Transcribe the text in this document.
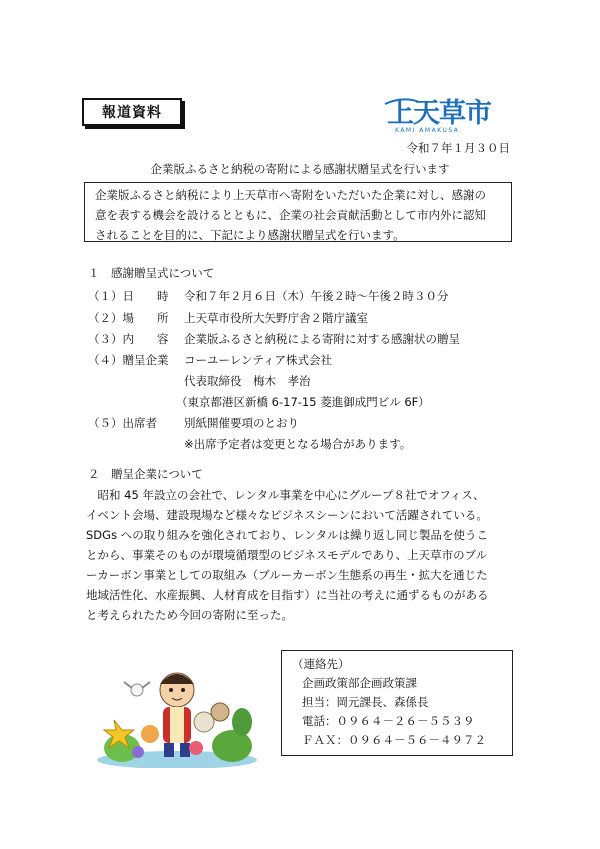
報道資料	上天草市
KAMI AMAKUSA
令和７年１月３０日
企業版ふるさと納税の寄附による感謝状贈呈式を行います
企業版ふるさと納税により上天草市へ寄附をいただいた企業に対し、感謝の
意を表する機会を設けるとともに、企業の社会貢献活動として市内外に認知
されることを目的に、下記により感謝状贈呈式を行います。
１　感謝贈呈式について
（１）日　　時 令和７年２月６日（木）午後２時～午後２時３０分
（２）場　　所 上天草市役所大矢野庁舎２階庁議室
（３）内　　容 企業版ふるさと納税による寄附に対する感謝状の贈呈
（４）贈呈企業 コーユーレンティア株式会社
代表取締役　梅木　孝治
（東京都港区新橋 6-17-15 菱進御成門ビル 6F）
（５）出席者 別紙開催要項のとおり
※出席予定者は変更となる場合があります。
２　贈呈企業について
　昭和 45 年設立の会社で、レンタル事業を中心にグループ８社でオフィス、
イベント会場、建設現場など様々なビジネスシーンにおいて活躍されている。
SDGs への取り組みを強化されており、レンタルは繰り返し同じ製品を使うこ
とから、事業そのものが環境循環型のビジネスモデルであり、上天草市のブル
ーカーボン事業としての取組み（ブルーカーボン生態系の再生・拡大を通じた
地域活性化、水産振興、人材育成を目指す）に当社の考えに通ずるものがある
と考えられたため今回の寄附に至った。
（連絡先）
企画政策部企画政策課
担当：岡元課長、森係長
電話：０９６４－２６－５５３９
ＦＡＸ：０９６４－５６－４９７２
